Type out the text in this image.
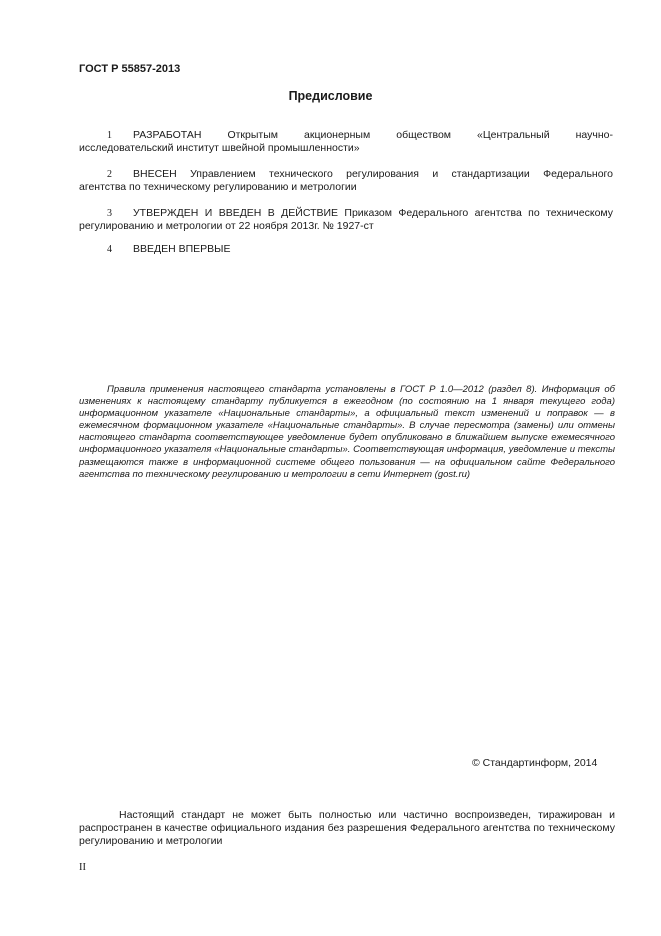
ГОСТ Р 55857-2013
Предисловие
1 РАЗРАБОТАН Открытым акционерным обществом «Центральный научно-
исследовательский институт швейной промышленности»
2 ВНЕСЕН Управлением технического регулирования и стандартизации Федерального
агентства по техническому регулированию и метрологии
3 УТВЕРЖДЕН И ВВЕДЕН В ДЕЙСТВИЕ Приказом Федерального агентства по техническому
регулированию и метрологии от 22 ноября 2013г. № 1927-ст
4 ВВЕДЕН ВПЕРВЫЕ
Правила применения настоящего стандарта установлены в ГОСТ Р 1.0—2012 (раздел 8). Информация об изменениях к настоящему стандарту публикуется в ежегодном (по состоянию на 1 января текущего года) информационном указателе «Национальные стандарты», а официальный текст изменений и поправок — в ежемесячном формационном указателе «Национальные стандарты». В случае пересмотра (замены) или отмены настоящего стандарта соответствующее уведомление будет опубликовано в ближайшем выпуске ежемесячного информационного указателя «Национальные стандарты». Соответствующая информация, уведомление и тексты размещаются также в информационной системе общего пользования — на официальном сайте Федерального агентства по техническому регулированию и метрологии в сети Интернет (gost.ru)
© Стандартинформ, 2014
Настоящий стандарт не может быть полностью или частично воспроизведен, тиражирован и распространен в качестве официального издания без разрешения Федерального агентства по техническому регулированию и метрологии
II
